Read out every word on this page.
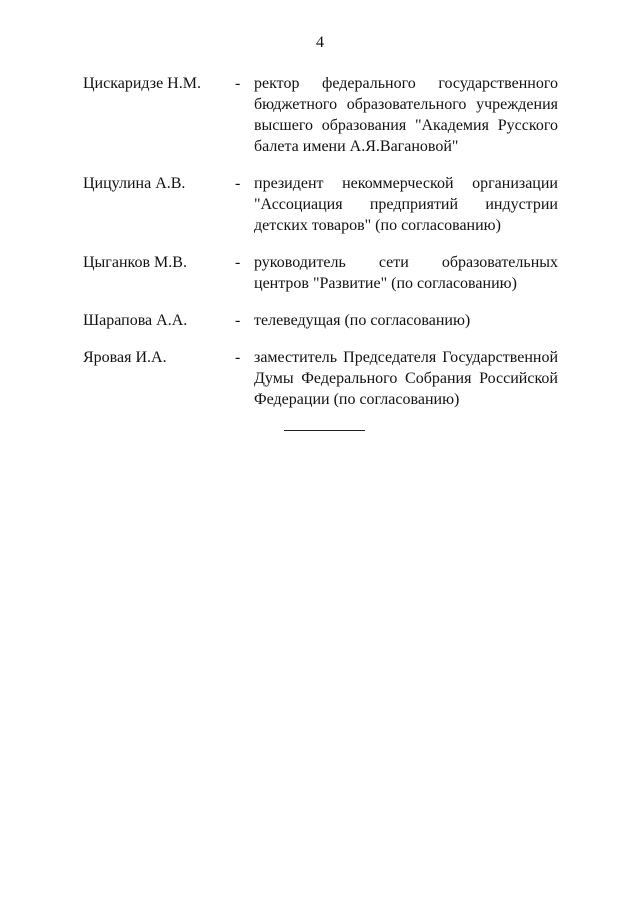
4
Цискаридзе Н.М.	- ректор федерального государственного бюджетного образовательного учреждения высшего образования "Академия Русского балета имени А.Я.Вагановой"
Цицулина А.В.	- президент некоммерческой организации "Ассоциация предприятий индустрии детских товаров" (по согласованию)
Цыганков М.В.	- руководитель сети образовательных центров "Развитие" (по согласованию)
Шарапова А.А.	- телеведущая (по согласованию)
Яровая И.А.	- заместитель Председателя Государственной Думы Федерального Собрания Российской Федерации (по согласованию)
